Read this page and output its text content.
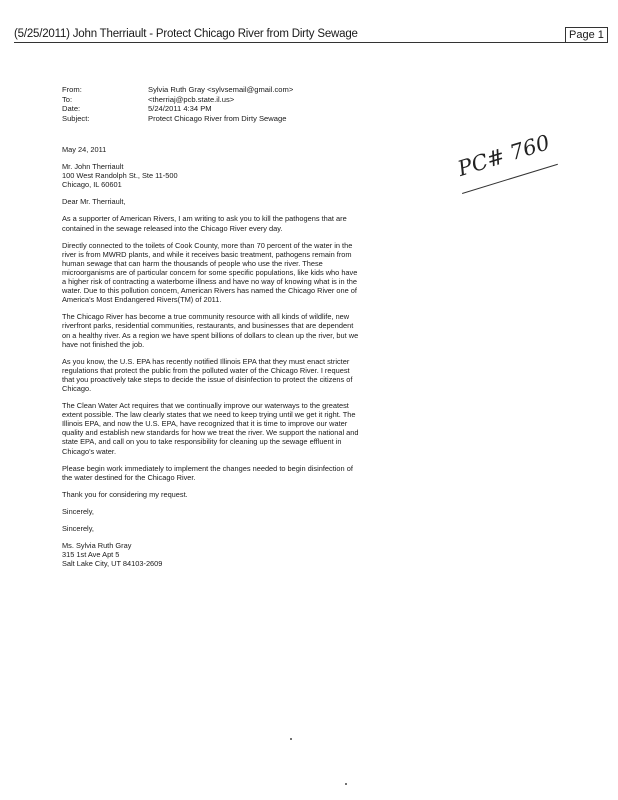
(5/25/2011) John Therriault - Protect Chicago River from Dirty Sewage	Page 1
From:	Sylvia Ruth Gray <sylvsemail@gmail.com>
To:	<therriaj@pcb.state.il.us>
Date:	5/24/2011 4:34 PM
Subject:	Protect Chicago River from Dirty Sewage
PC# 760

May 24, 2011

Mr. John Therriault
100 West Randolph St., Ste 11-500
Chicago, IL 60601

Dear Mr. Therriault,

As a supporter of American Rivers, I am writing to ask you to kill the pathogens that are contained in the sewage released into the Chicago River every day.

Directly connected to the toilets of Cook County, more than 70 percent of the water in the river is from MWRD plants, and while it receives basic treatment, pathogens remain from human sewage that can harm the thousands of people who use the river. These microorganisms are of particular concern for some specific populations, like kids who have a higher risk of contracting a waterborne illness and have no way of knowing what is in the water. Due to this pollution concern, American Rivers has named the Chicago River one of America's Most Endangered Rivers(TM) of 2011.

The Chicago River has become a true community resource with all kinds of wildlife, new riverfront parks, residential communities, restaurants, and businesses that are dependent on a healthy river. As a region we have spent billions of dollars to clean up the river, but we have not finished the job.

As you know, the U.S. EPA has recently notified Illinois EPA that they must enact stricter regulations that protect the public from the polluted water of the Chicago River. I request that you proactively take steps to decide the issue of disinfection to protect the citizens of Chicago.

The Clean Water Act requires that we continually improve our waterways to the greatest extent possible. The law clearly states that we need to keep trying until we get it right. The Illinois EPA, and now the U.S. EPA, have recognized that it is time to improve our water quality and establish new standards for how we treat the river. We support the national and state EPA, and call on you to take responsibility for cleaning up the sewage effluent in Chicago's water.

Please begin work immediately to implement the changes needed to begin disinfection of the water destined for the Chicago River.

Thank you for considering my request.

Sincerely,

Sincerely,

Ms. Sylvia Ruth Gray
315 1st Ave Apt 5
Salt Lake City, UT 84103-2609
